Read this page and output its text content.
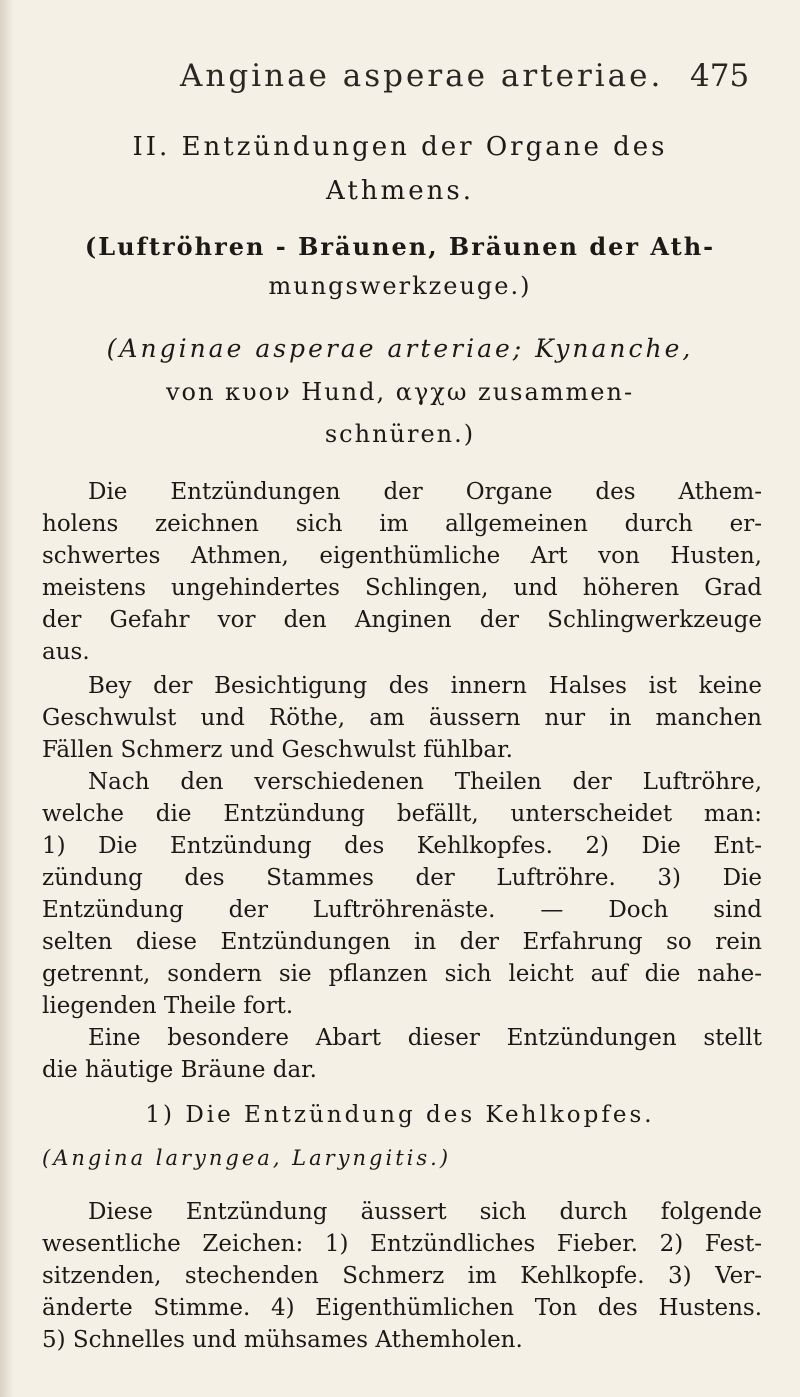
Anginae asperae arteriae. 475
II. Entzündungen der Organe des
Athmens.
(Luftröhren - Bräunen, Bräunen der Ath-
mungswerkzeuge.)
(Anginae asperae arteriae; Kynanche,
von κυον Hund, αγχω zusammen-
schnüren.)
Die Entzündungen der Organe des Athem-
holens zeichnen sich im allgemeinen durch er-
schwertes Athmen, eigenthümliche Art von Husten,
meistens ungehindertes Schlingen, und höheren Grad
der Gefahr vor den Anginen der Schlingwerkzeuge
aus.
Bey der Besichtigung des innern Halses ist keine
Geschwulst und Röthe, am äussern nur in manchen
Fällen Schmerz und Geschwulst fühlbar.
Nach den verschiedenen Theilen der Luftröhre,
welche die Entzündung befällt, unterscheidet man:
1) Die Entzündung des Kehlkopfes. 2) Die Ent-
zündung des Stammes der Luftröhre. 3) Die
Entzündung der Luftröhrenäste. — Doch sind
selten diese Entzündungen in der Erfahrung so rein
getrennt, sondern sie pflanzen sich leicht auf die nahe-
liegenden Theile fort.
Eine besondere Abart dieser Entzündungen stellt
die häutige Bräune dar.
1) Die Entzündung des Kehlkopfes.
(Angina laryngea, Laryngitis.)
Diese Entzündung äussert sich durch folgende
wesentliche Zeichen: 1) Entzündliches Fieber. 2) Fest-
sitzenden, stechenden Schmerz im Kehlkopfe. 3) Ver-
änderte Stimme. 4) Eigenthümlichen Ton des Hustens.
5) Schnelles und mühsames Athemholen.
